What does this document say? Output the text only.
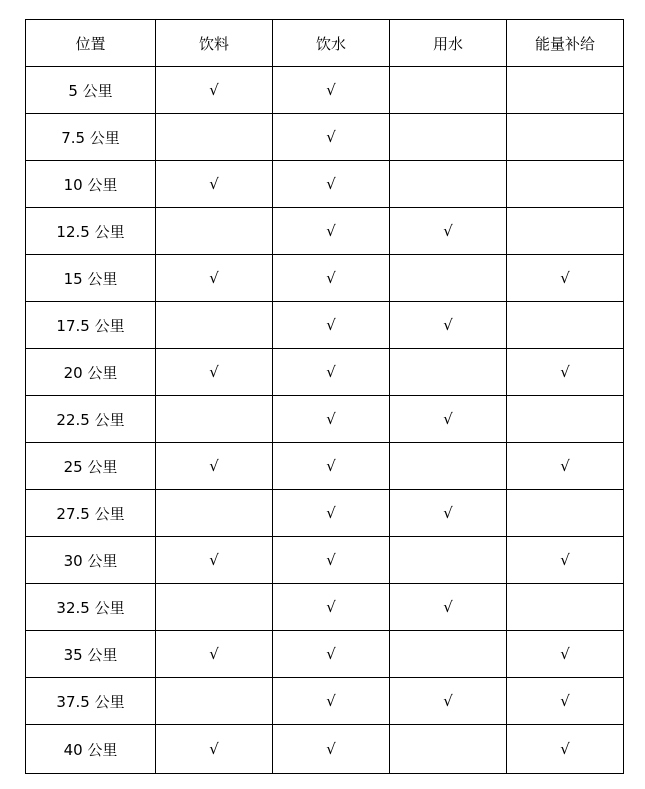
位置	饮料	饮水	用水	能量补给
5 公里	√	√		
7.5 公里		√		
10 公里	√	√		
12.5 公里		√	√	
15 公里	√	√		√
17.5 公里		√	√	
20 公里	√	√		√
22.5 公里		√	√	
25 公里	√	√		√
27.5 公里		√	√	
30 公里	√	√		√
32.5 公里		√	√	
35 公里	√	√		√
37.5 公里		√	√	√
40 公里	√	√		√
